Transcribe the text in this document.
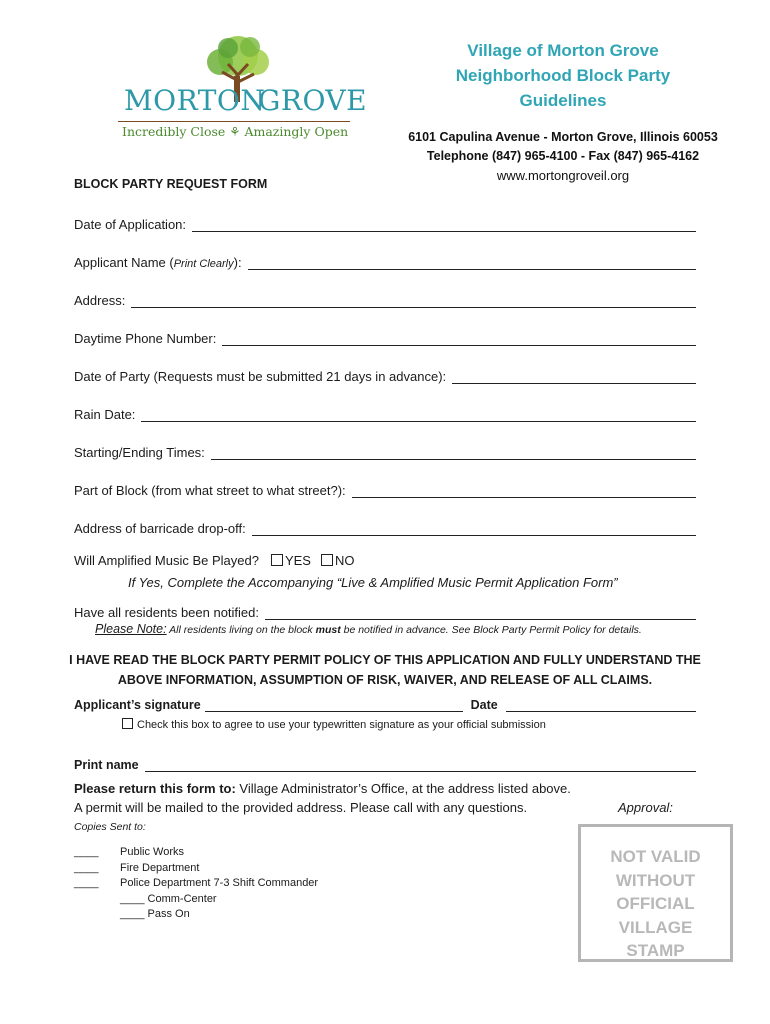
MORTON
GROVE
Incredibly Close ⚘ Amazingly Open
Village of Morton Grove
Neighborhood Block Party
Guidelines
6101 Capulina Avenue - Morton Grove, Illinois 60053
Telephone (847) 965-4100 - Fax (847) 965-4162
www.mortongroveil.org
BLOCK PARTY REQUEST FORM
Date of Application:
Applicant Name ( Print Clearly ):
Address:
Daytime Phone Number:
Date of Party (Requests must be submitted 21 days in advance):
Rain Date:
Starting/Ending Times:
Part of Block (from what street to what street?):
Address of barricade drop-off:
Will Amplified Music Be Played? YES NO
If Yes, Complete the Accompanying “Live & Amplified Music Permit Application Form”
Have all residents been notified:
Please Note: All residents living on the block must be notified in advance. See Block Party Permit Policy for details.
I HAVE READ THE BLOCK PARTY PERMIT POLICY OF THIS APPLICATION AND FULLY UNDERSTAND THE ABOVE INFORMATION, ASSUMPTION OF RISK, WAIVER, AND RELEASE OF ALL CLAIMS.
Applicant’s signature	Date
Check this box to agree to use your typewritten signature as your official submission
Print name
Please return this form to: Village Administrator’s Office, at the address listed above.
A permit will be mailed to the provided address. Please call with any questions.	Approval:
Copies Sent to:
____	Public Works
____	Fire Department
____	Police Department 7-3 Shift Commander
____ Comm-Center
____ Pass On
NOT VALID
WITHOUT
OFFICIAL
VILLAGE
STAMP
